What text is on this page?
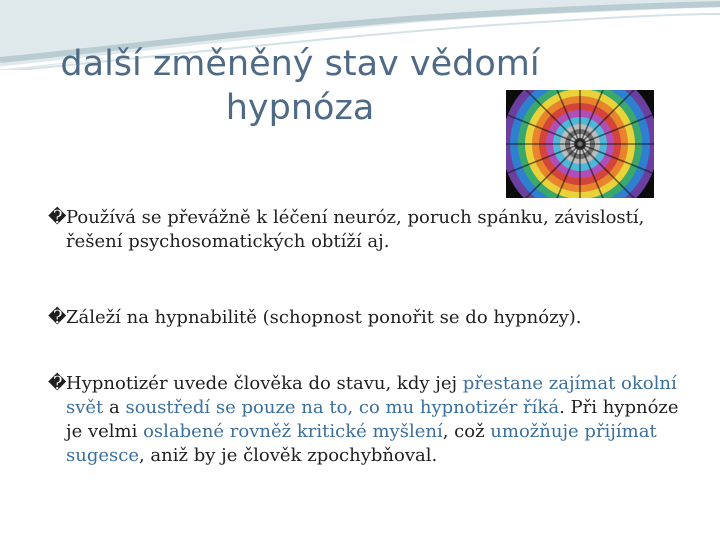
další změněný stav vědomí
hypnóza
� Používá se převážně k léčení neuróz, poruch spánku, závislostí, řešení psychosomatických obtíží aj.
� Záleží na hypnabilitě (schopnost ponořit se do hypnózy).
� Hypnotizér uvede člověka do stavu, kdy jej přestane zajímat okolní svět a soustředí se pouze na to, co mu hypnotizér říká. Při hypnóze je velmi oslabené rovněž kritické myšlení, což umožňuje přijímat sugesce, aniž by je člověk zpochybňoval.
